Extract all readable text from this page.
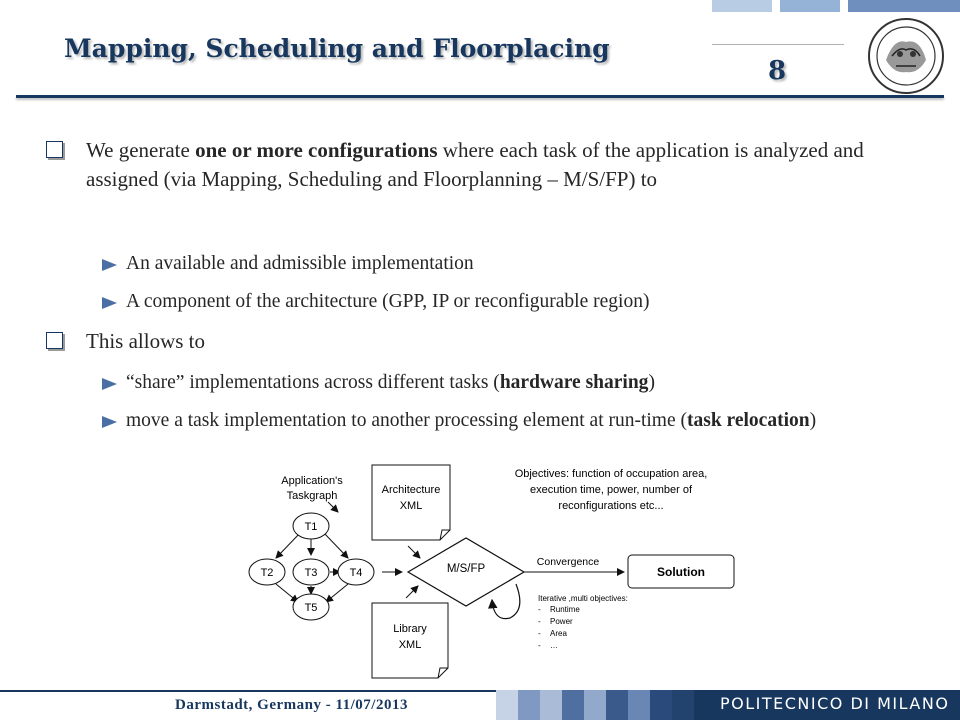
Mapping, Scheduling and Floorplacing
8
We generate one or more configurations where each task of the application is analyzed and assigned (via Mapping, Scheduling and Floorplanning – M/S/FP) to
An available and admissible implementation
A component of the architecture (GPP, IP or reconfigurable region)
This allows to
“share” implementations across different tasks (hardware sharing)
move a task implementation to another processing element at run-time (task relocation)
Application's
Taskgraph
T1
T2	T3	T4
T5
Architecture
XML
Library
XML
M/S/FP
Convergence
Solution
Objectives: function of occupation area,
execution time, power, number of
reconfigurations etc...
Iterative ,multi objectives:
- Runtime
- Power
- Area
- …
Darmstadt, Germany - 11/07/2013	POLITECNICO DI MILANO
